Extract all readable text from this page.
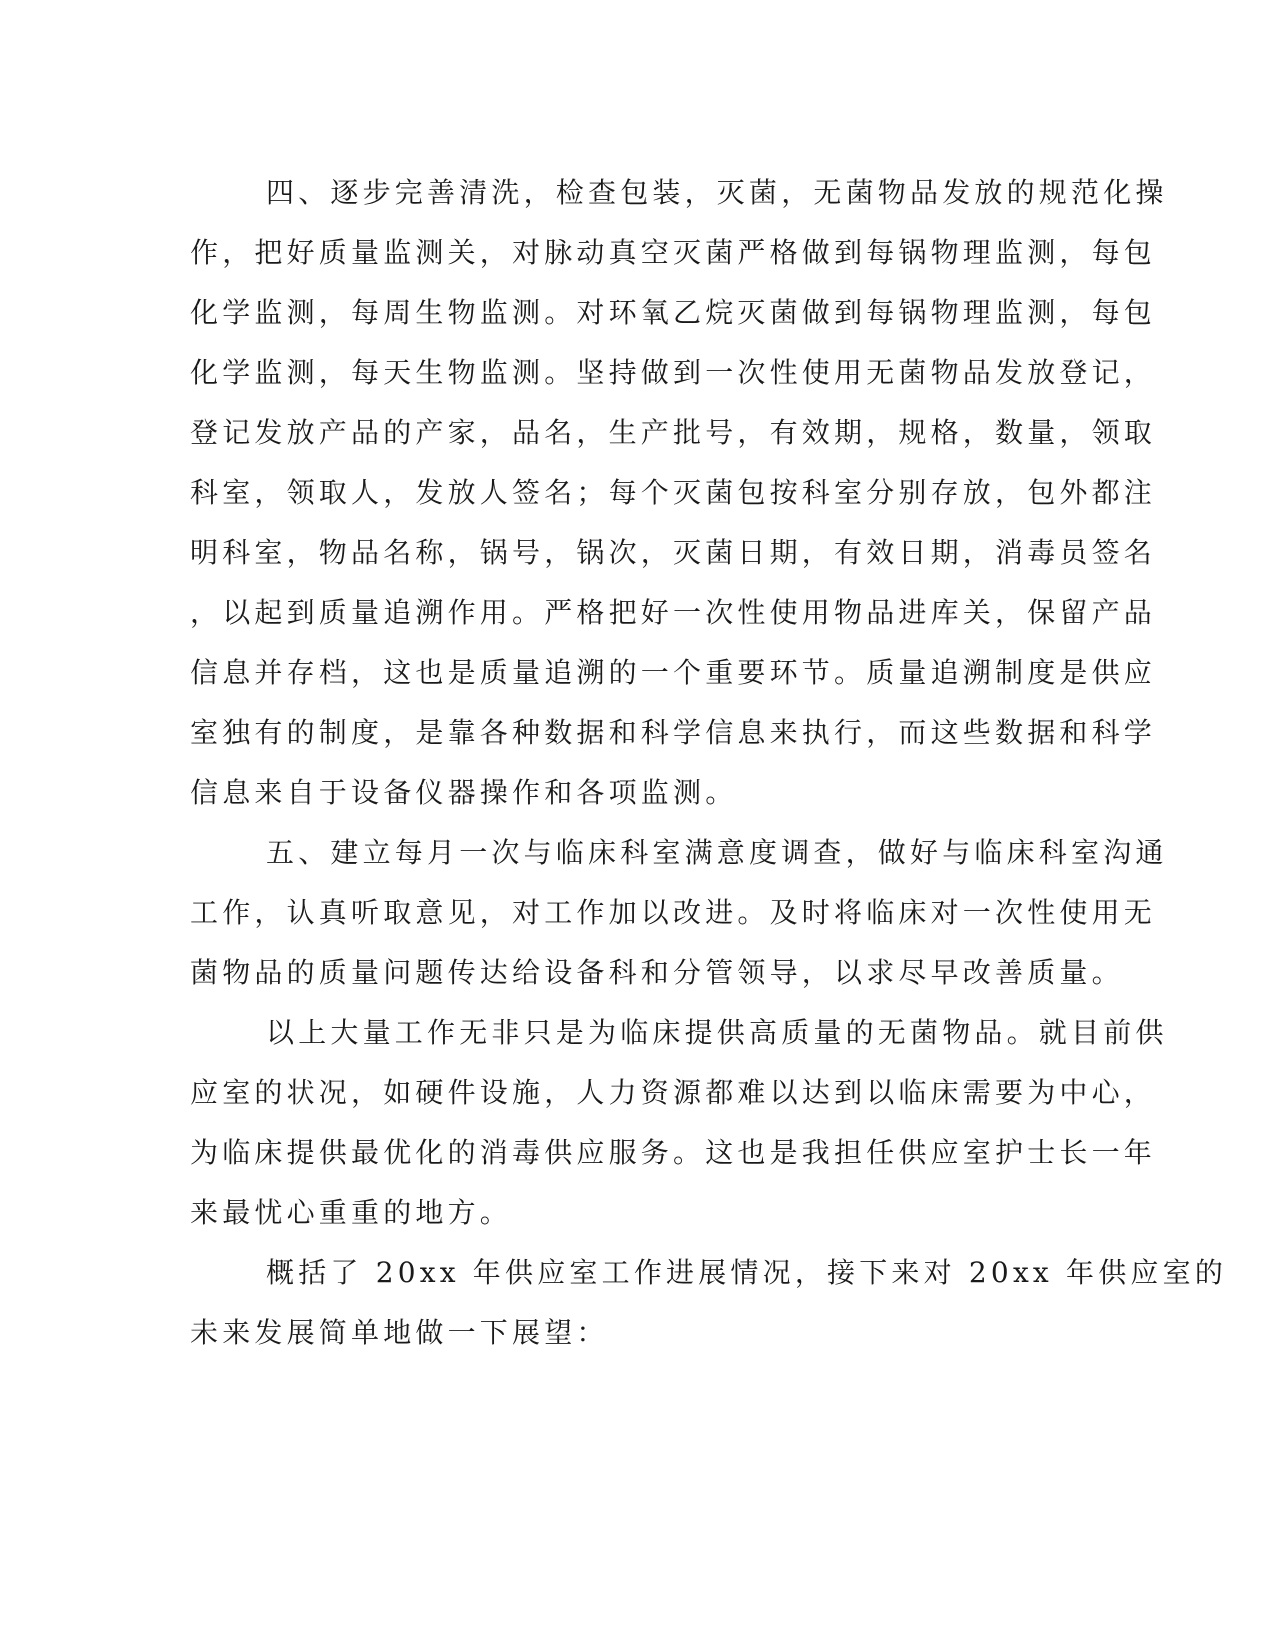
四、逐步完善清洗，检查包装，灭菌，无菌物品发放的规范化操
作，把好质量监测关，对脉动真空灭菌严格做到每锅物理监测，每包
化学监测，每周生物监测。对环氧乙烷灭菌做到每锅物理监测，每包
化学监测，每天生物监测。坚持做到一次性使用无菌物品发放登记，
登记发放产品的产家，品名，生产批号，有效期，规格，数量，领取
科室，领取人，发放人签名；每个灭菌包按科室分别存放，包外都注
明科室，物品名称，锅号，锅次，灭菌日期，有效日期，消毒员签名
，以起到质量追溯作用。严格把好一次性使用物品进库关，保留产品
信息并存档，这也是质量追溯的一个重要环节。质量追溯制度是供应
室独有的制度，是靠各种数据和科学信息来执行，而这些数据和科学
信息来自于设备仪器操作和各项监测。

五、建立每月一次与临床科室满意度调查，做好与临床科室沟通
工作，认真听取意见，对工作加以改进。及时将临床对一次性使用无
菌物品的质量问题传达给设备科和分管领导，以求尽早改善质量。

以上大量工作无非只是为临床提供高质量的无菌物品。就目前供
应室的状况，如硬件设施，人力资源都难以达到以临床需要为中心，
为临床提供最优化的消毒供应服务。这也是我担任供应室护士长一年
来最忧心重重的地方。

概括了 20xx 年供应室工作进展情况，接下来对 20xx 年供应室的
未来发展简单地做一下展望：
